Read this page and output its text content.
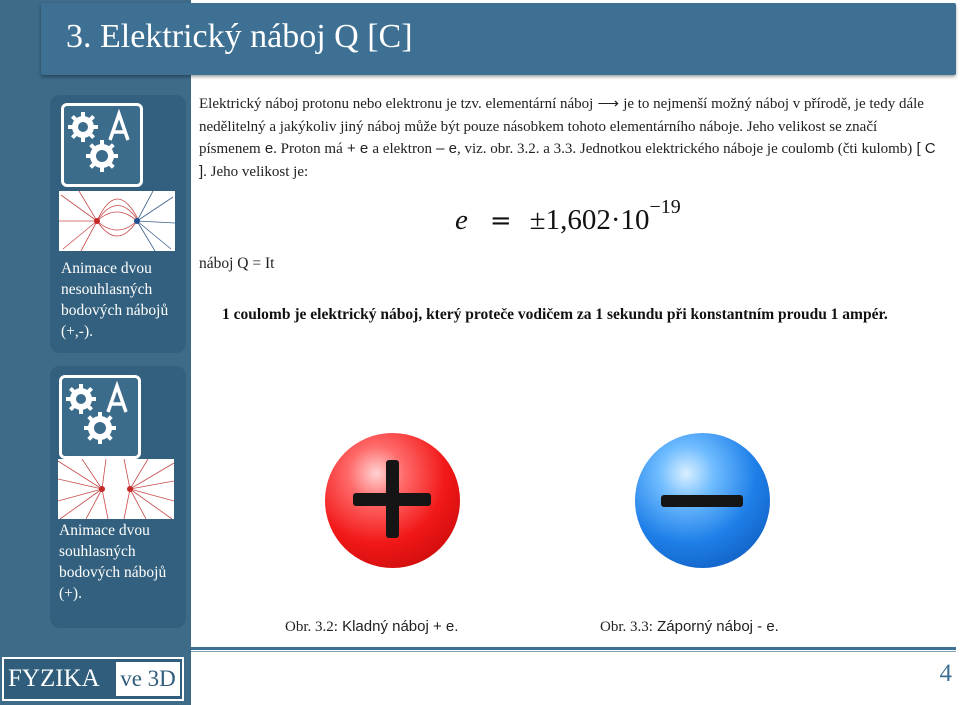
3. Elektrický náboj Q [C]
Animace dvou nesouhlasných bodových nábojů (+,-).
Animace dvou souhlasných bodových nábojů (+).
Elektrický náboj protonu nebo elektronu je tzv. elementární náboj ⟶ je to nejmenší možný náboj v přírodě, je tedy dále nedělitelný a jakýkoliv jiný náboj může být pouze násobkem tohoto elementárního náboje. Jeho velikost se značí písmenem e. Proton má + e a elektron – e, viz. obr. 3.2. a 3.3. Jednotkou elektrického náboje je coulomb (čti kulomb) [ C ]. Jeho velikost je:
$e = \pm 1,602\cdot 10^{-19}$
náboj Q = It
1 coulomb je elektrický náboj, který proteče vodičem za 1 sekundu při konstantním proudu 1 ampér.
Obr. 3.2: Kladný náboj + e.	Obr. 3.3: Záporný náboj - e.
FYZIKA ve 3D	4
